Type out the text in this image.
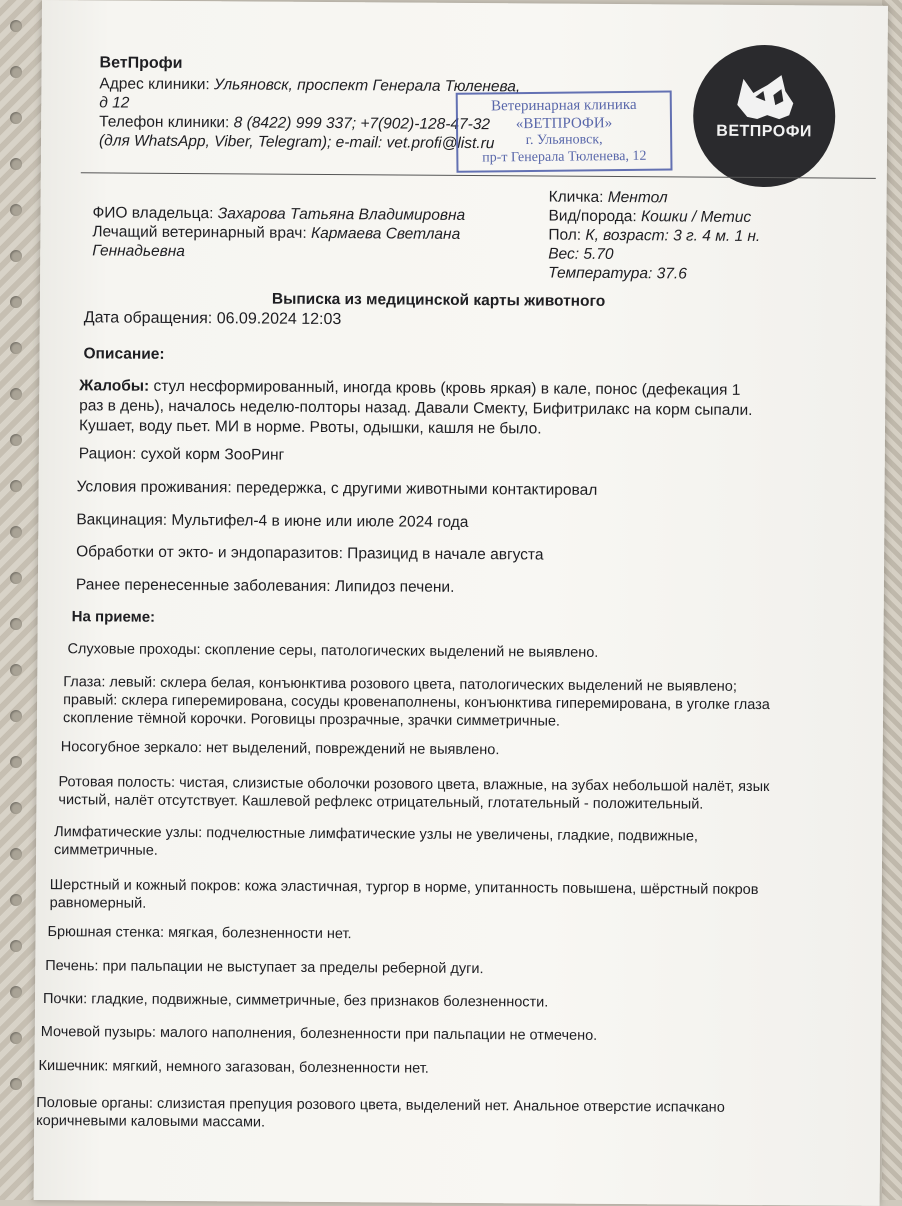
ВетПрофи
Адрес клиники: Ульяновск, проспект Генерала Тюленева,
д 12
Телефон клиники: 8 (8422) 999 337; +7(902)-128-47-32
(для WhatsApp, Viber, Telegram); e-mail: vet.profi@list.ru
Ветеринарная клиника
«ВЕТПРОФИ»
г. Ульяновск,
пр-т Генерала Тюленева, 12
ВЕТПРОФИ
Кличка: Ментол
Вид/порода: Кошки / Метис
Пол: К, возраст: 3 г. 4 м. 1 н.
Вес: 5.70
Температура: 37.6
ФИО владельца: Захарова Татьяна Владимировна
Лечащий ветеринарный врач: Кармаева Светлана
Геннадьевна
Выписка из медицинской карты животного
Дата обращения: 06.09.2024 12:03
Описание:
Жалобы: стул несформированный, иногда кровь (кровь яркая) в кале, понос (дефекация 1
раз в день), началось неделю-полторы назад. Давали Смекту, Бифитрилакс на корм сыпали.
Кушает, воду пьет. МИ в норме. Рвоты, одышки, кашля не было.
Рацион: сухой корм ЗооРинг
Условия проживания: передержка, с другими животными контактировал
Вакцинация: Мультифел-4 в июне или июле 2024 года
Обработки от экто- и эндопаразитов: Празицид в начале августа
Ранее перенесенные заболевания: Липидоз печени.
На приеме:
Слуховые проходы: скопление серы, патологических выделений не выявлено.
Глаза: левый: склера белая, конъюнктива розового цвета, патологических выделений не выявлено;
правый: склера гиперемирована, сосуды кровенаполнены, конъюнктива гиперемирована, в уголке глаза
скопление тёмной корочки. Роговицы прозрачные, зрачки симметричные.
Носогубное зеркало: нет выделений, повреждений не выявлено.
Ротовая полость: чистая, слизистые оболочки розового цвета, влажные, на зубах небольшой налёт, язык
чистый, налёт отсутствует. Кашлевой рефлекс отрицательный, глотательный - положительный.
Лимфатические узлы: подчелюстные лимфатические узлы не увеличены, гладкие, подвижные,
симметричные.
Шерстный и кожный покров: кожа эластичная, тургор в норме, упитанность повышена, шёрстный покров
равномерный.
Брюшная стенка: мягкая, болезненности нет.
Печень: при пальпации не выступает за пределы реберной дуги.
Почки: гладкие, подвижные, симметричные, без признаков болезненности.
Мочевой пузырь: малого наполнения, болезненности при пальпации не отмечено.
Кишечник: мягкий, немного загазован, болезненности нет.
Половые органы: слизистая препуция розового цвета, выделений нет. Анальное отверстие испачкано
коричневыми каловыми массами.
